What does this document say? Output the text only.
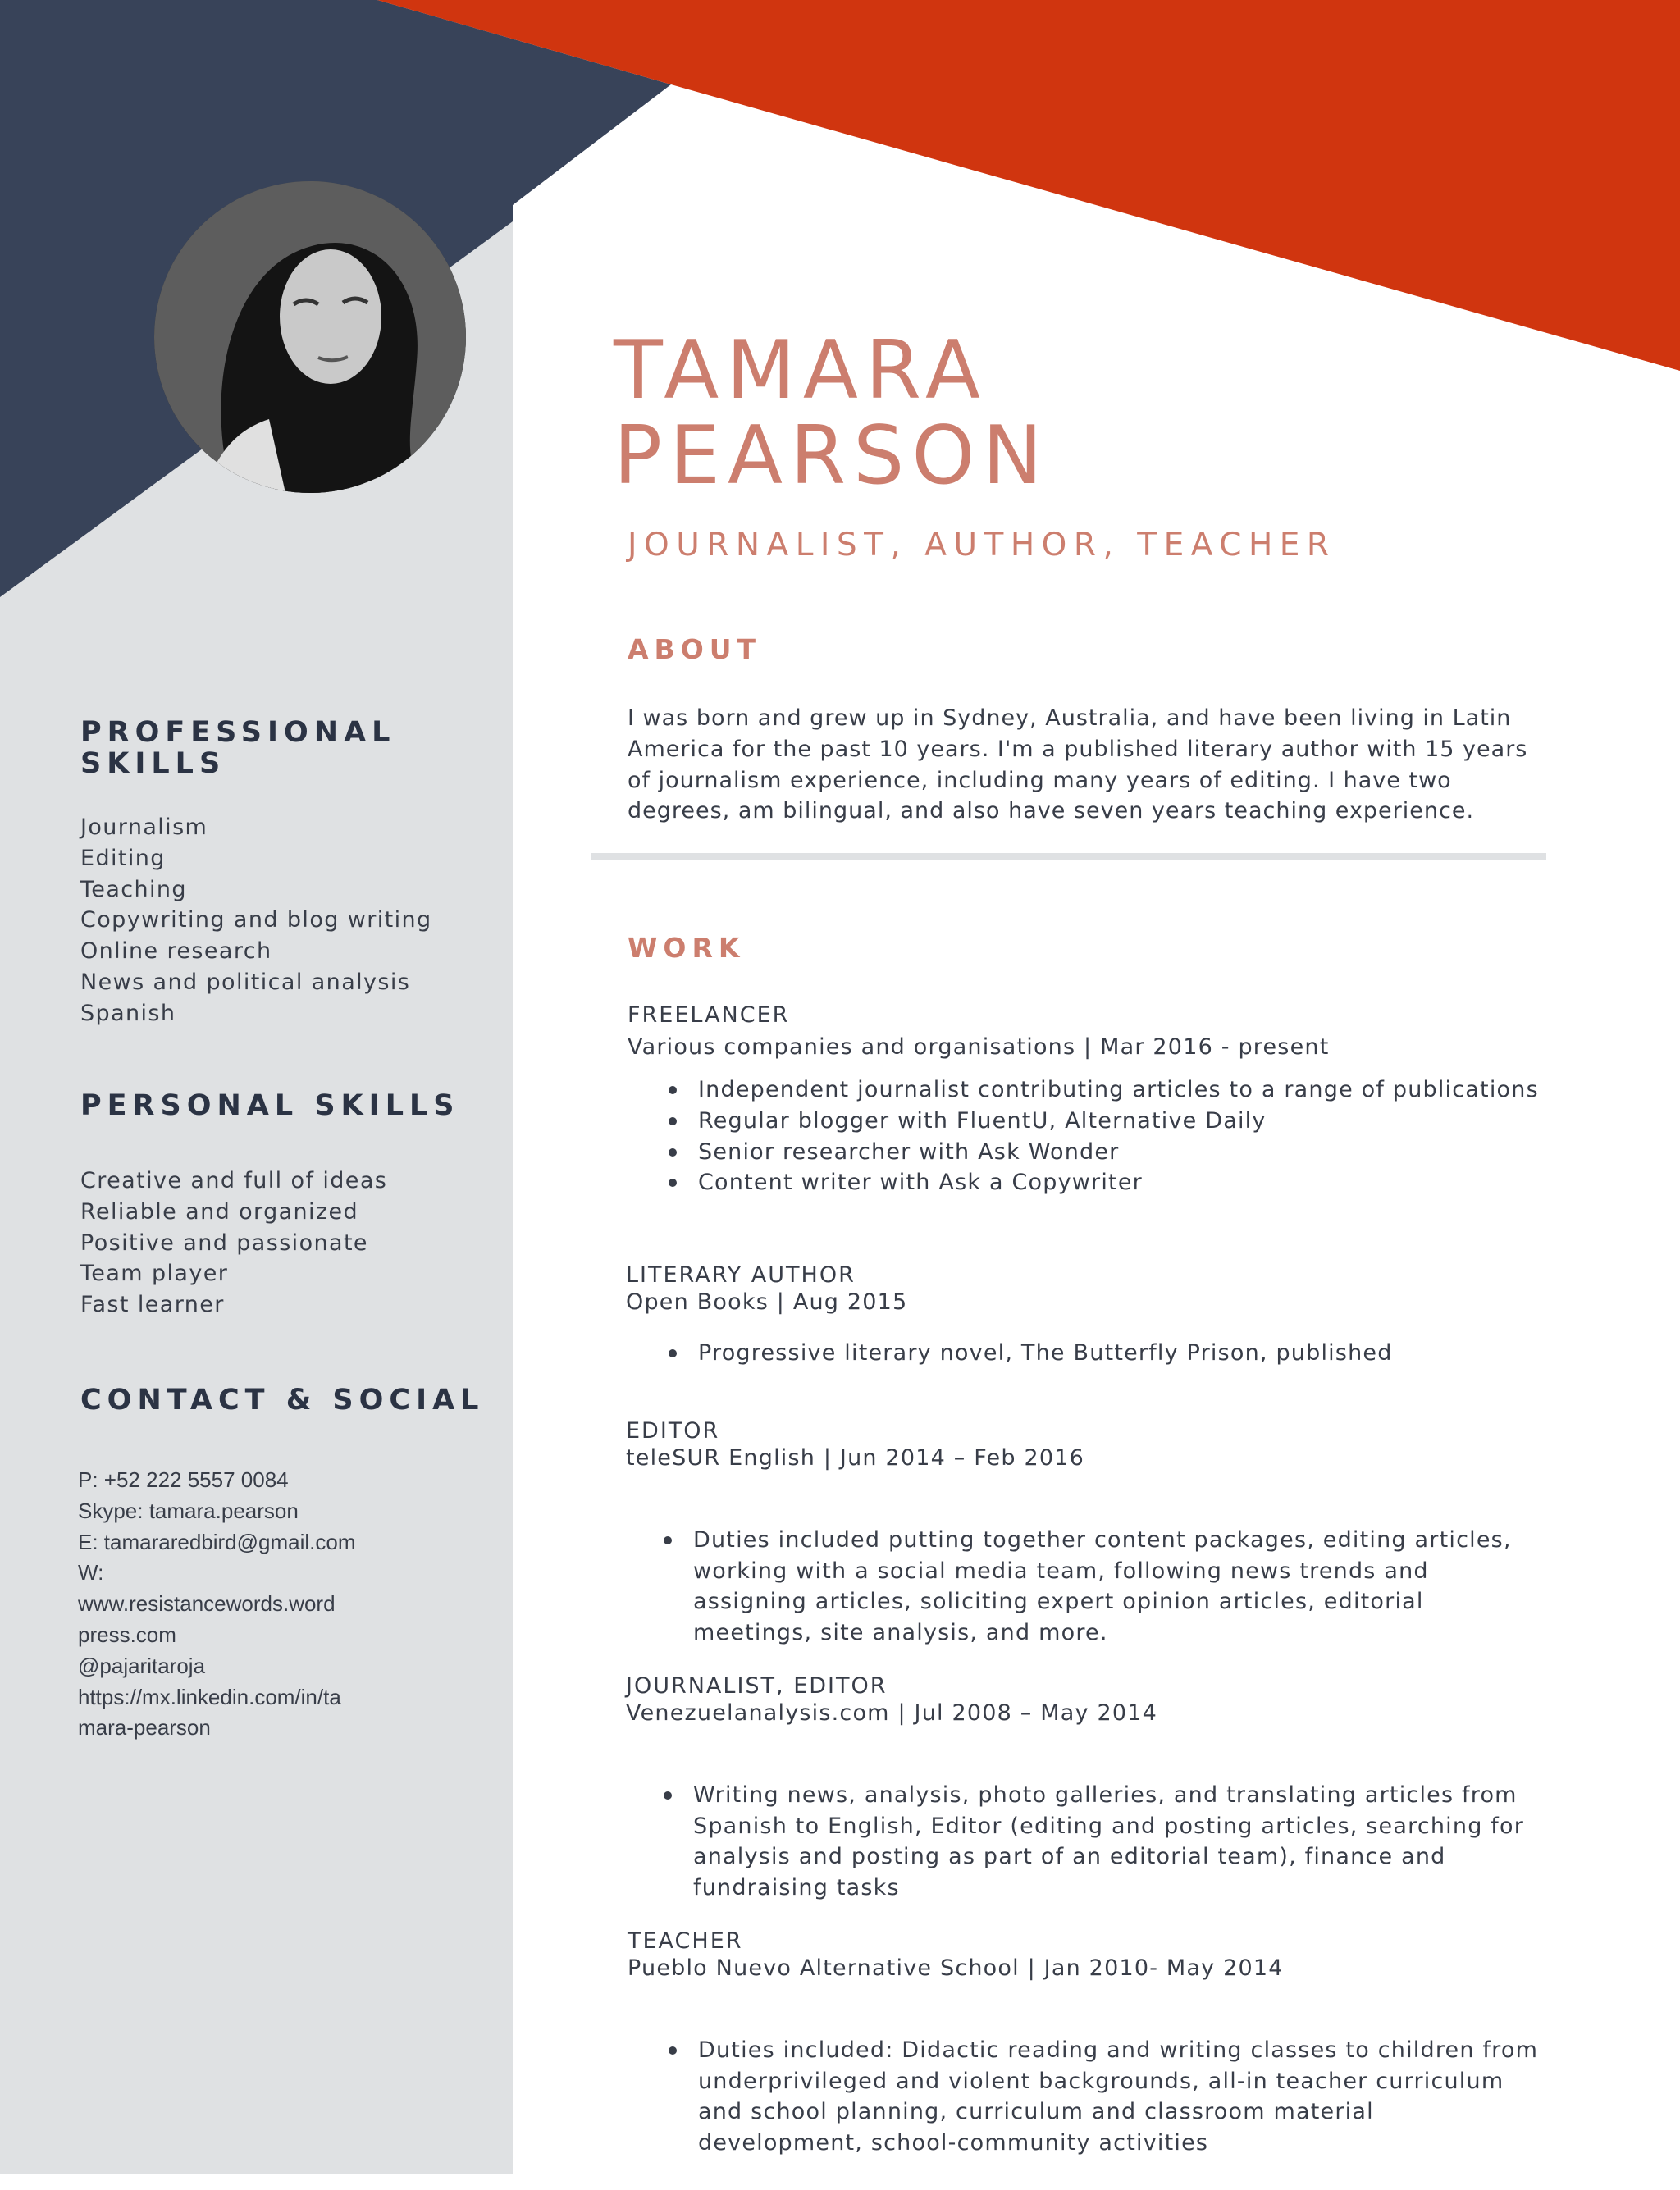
PROFESSIONAL
SKILLS
Journalism
Editing
Teaching
Copywriting and blog writing
Online research
News and political analysis
Spanish
PERSONAL SKILLS
Creative and full of ideas
Reliable and organized
Positive and passionate
Team player
Fast learner
CONTACT & SOCIAL
P: +52 222 5557 0084
Skype: tamara.pearson
E: tamararedbird@gmail.com
W:
www.resistancewords.word
press.com
@pajaritaroja
https://mx.linkedin.com/in/ta
mara-pearson
TAMARA
PEARSON
JOURNALIST, AUTHOR, TEACHER
ABOUT

I was born and grew up in Sydney, Australia, and have been living in Latin
America for the past 10 years. I'm a published literary author with 15 years
of journalism experience, including many years of editing. I have two
degrees, am bilingual, and also have seven years teaching experience.

WORK
FREELANCER
Various companies and organisations | Mar 2016 - present
Independent journalist contributing articles to a range of publications
Regular blogger with FluentU, Alternative Daily
Senior researcher with Ask Wonder
Content writer with Ask a Copywriter
LITERARY AUTHOR
Open Books | Aug 2015
Progressive literary novel, The Butterfly Prison, published
EDITOR
teleSUR English | Jun 2014 – Feb 2016

Duties included putting together content packages, editing articles,
working with a social media team, following news trends and
assigning articles, soliciting expert opinion articles, editorial
meetings, site analysis, and more.

JOURNALIST, EDITOR
Venezuelanalysis.com | Jul 2008 – May 2014

Writing news, analysis, photo galleries, and translating articles from
Spanish to English, Editor (editing and posting articles, searching for
analysis and posting as part of an editorial team), finance and
fundraising tasks

TEACHER
Pueblo Nuevo Alternative School | Jan 2010- May 2014

Duties included: Didactic reading and writing classes to children from
underprivileged and violent backgrounds, all-in teacher curriculum
and school planning, curriculum and classroom material
development, school-community activities
